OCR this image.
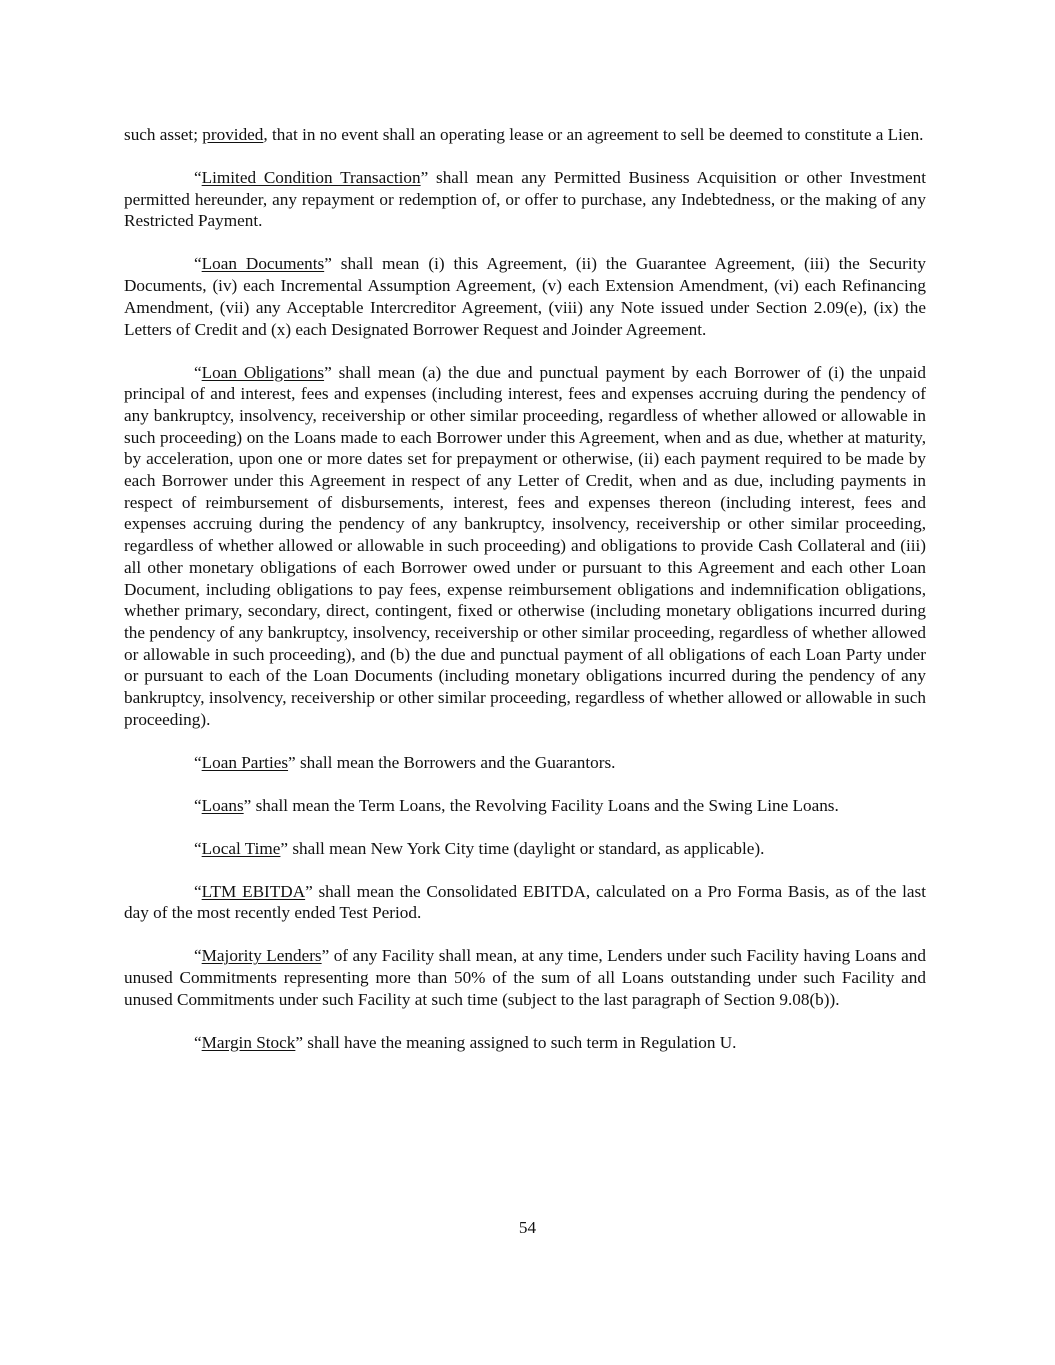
such asset; provided, that in no event shall an operating lease or an agreement to sell be deemed to constitute a Lien.

“Limited Condition Transaction” shall mean any Permitted Business Acquisition or other Investment permitted hereunder, any repayment or redemption of, or offer to purchase, any Indebtedness, or the making of any Restricted Payment.

“Loan Documents” shall mean (i) this Agreement, (ii) the Guarantee Agreement, (iii) the Security Documents, (iv) each Incremental Assumption Agreement, (v) each Extension Amendment, (vi) each Refinancing Amendment, (vii) any Acceptable Intercreditor Agreement, (viii) any Note issued under Section 2.09(e), (ix) the Letters of Credit and (x) each Designated Borrower Request and Joinder Agreement.

“Loan Obligations” shall mean (a) the due and punctual payment by each Borrower of (i) the unpaid principal of and interest, fees and expenses (including interest, fees and expenses accruing during the pendency of any bankruptcy, insolvency, receivership or other similar proceeding, regardless of whether allowed or allowable in such proceeding) on the Loans made to each Borrower under this Agreement, when and as due, whether at maturity, by acceleration, upon one or more dates set for prepayment or otherwise, (ii) each payment required to be made by each Borrower under this Agreement in respect of any Letter of Credit, when and as due, including payments in respect of reimbursement of disbursements, interest, fees and expenses thereon (including interest, fees and expenses accruing during the pendency of any bankruptcy, insolvency, receivership or other similar proceeding, regardless of whether allowed or allowable in such proceeding) and obligations to provide Cash Collateral and (iii) all other monetary obligations of each Borrower owed under or pursuant to this Agreement and each other Loan Document, including obligations to pay fees, expense reimbursement obligations and indemnification obligations, whether primary, secondary, direct, contingent, fixed or otherwise (including monetary obligations incurred during the pendency of any bankruptcy, insolvency, receivership or other similar proceeding, regardless of whether allowed or allowable in such proceeding), and (b) the due and punctual payment of all obligations of each Loan Party under or pursuant to each of the Loan Documents (including monetary obligations incurred during the pendency of any bankruptcy, insolvency, receivership or other similar proceeding, regardless of whether allowed or allowable in such proceeding).

“Loan Parties” shall mean the Borrowers and the Guarantors.

“Loans” shall mean the Term Loans, the Revolving Facility Loans and the Swing Line Loans.

“Local Time” shall mean New York City time (daylight or standard, as applicable).

“LTM EBITDA” shall mean the Consolidated EBITDA, calculated on a Pro Forma Basis, as of the last day of the most recently ended Test Period.

“Majority Lenders” of any Facility shall mean, at any time, Lenders under such Facility having Loans and unused Commitments representing more than 50% of the sum of all Loans outstanding under such Facility and unused Commitments under such Facility at such time (subject to the last paragraph of Section 9.08(b)).

“Margin Stock” shall have the meaning assigned to such term in Regulation U.

54
